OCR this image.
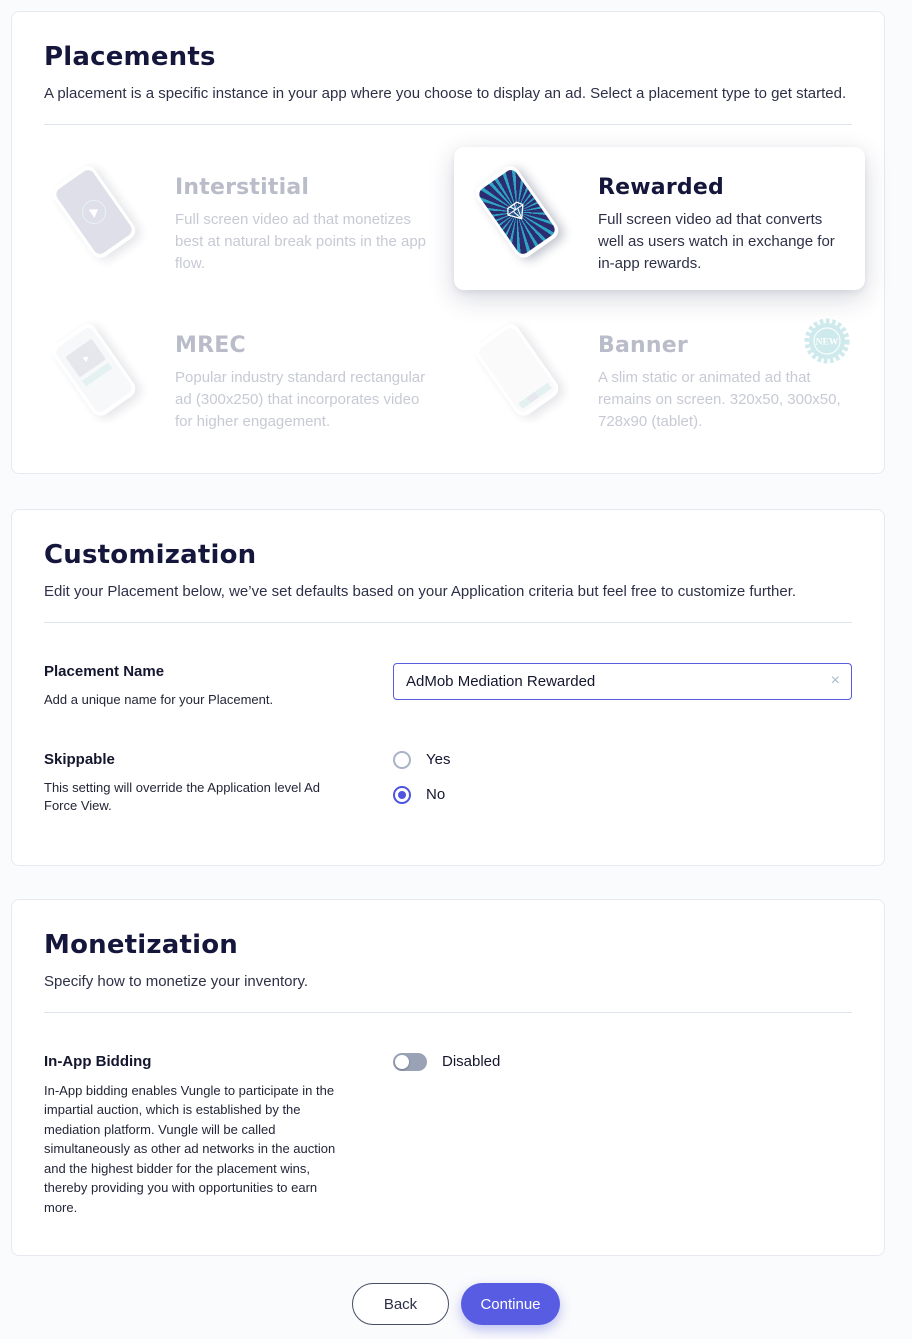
Placements
A placement is a specific instance in your app where you choose to display an ad. Select a placement type to get started.
Interstitial
Full screen video ad that monetizes best at natural break points in the app flow.
Rewarded
Full screen video ad that converts well as users watch in exchange for in-app rewards.
MREC
Popular industry standard rectangular ad (300x250) that incorporates video for higher engagement.
Banner
A slim static or animated ad that remains on screen. 320x50, 300x50, 728x90 (tablet).
NEW
Customization
Edit your Placement below, we’ve set defaults based on your Application criteria but feel free to customize further.
Placement Name
Add a unique name for your Placement.
AdMob Mediation Rewarded
×
Skippable
This setting will override the Application level Ad Force View.
Yes
No
Monetization
Specify how to monetize your inventory.
In-App Bidding
In-App bidding enables Vungle to participate in the impartial auction, which is established by the mediation platform. Vungle will be called simultaneously as other ad networks in the auction and the highest bidder for the placement wins, thereby providing you with opportunities to earn more.
Disabled
Back	Continue
